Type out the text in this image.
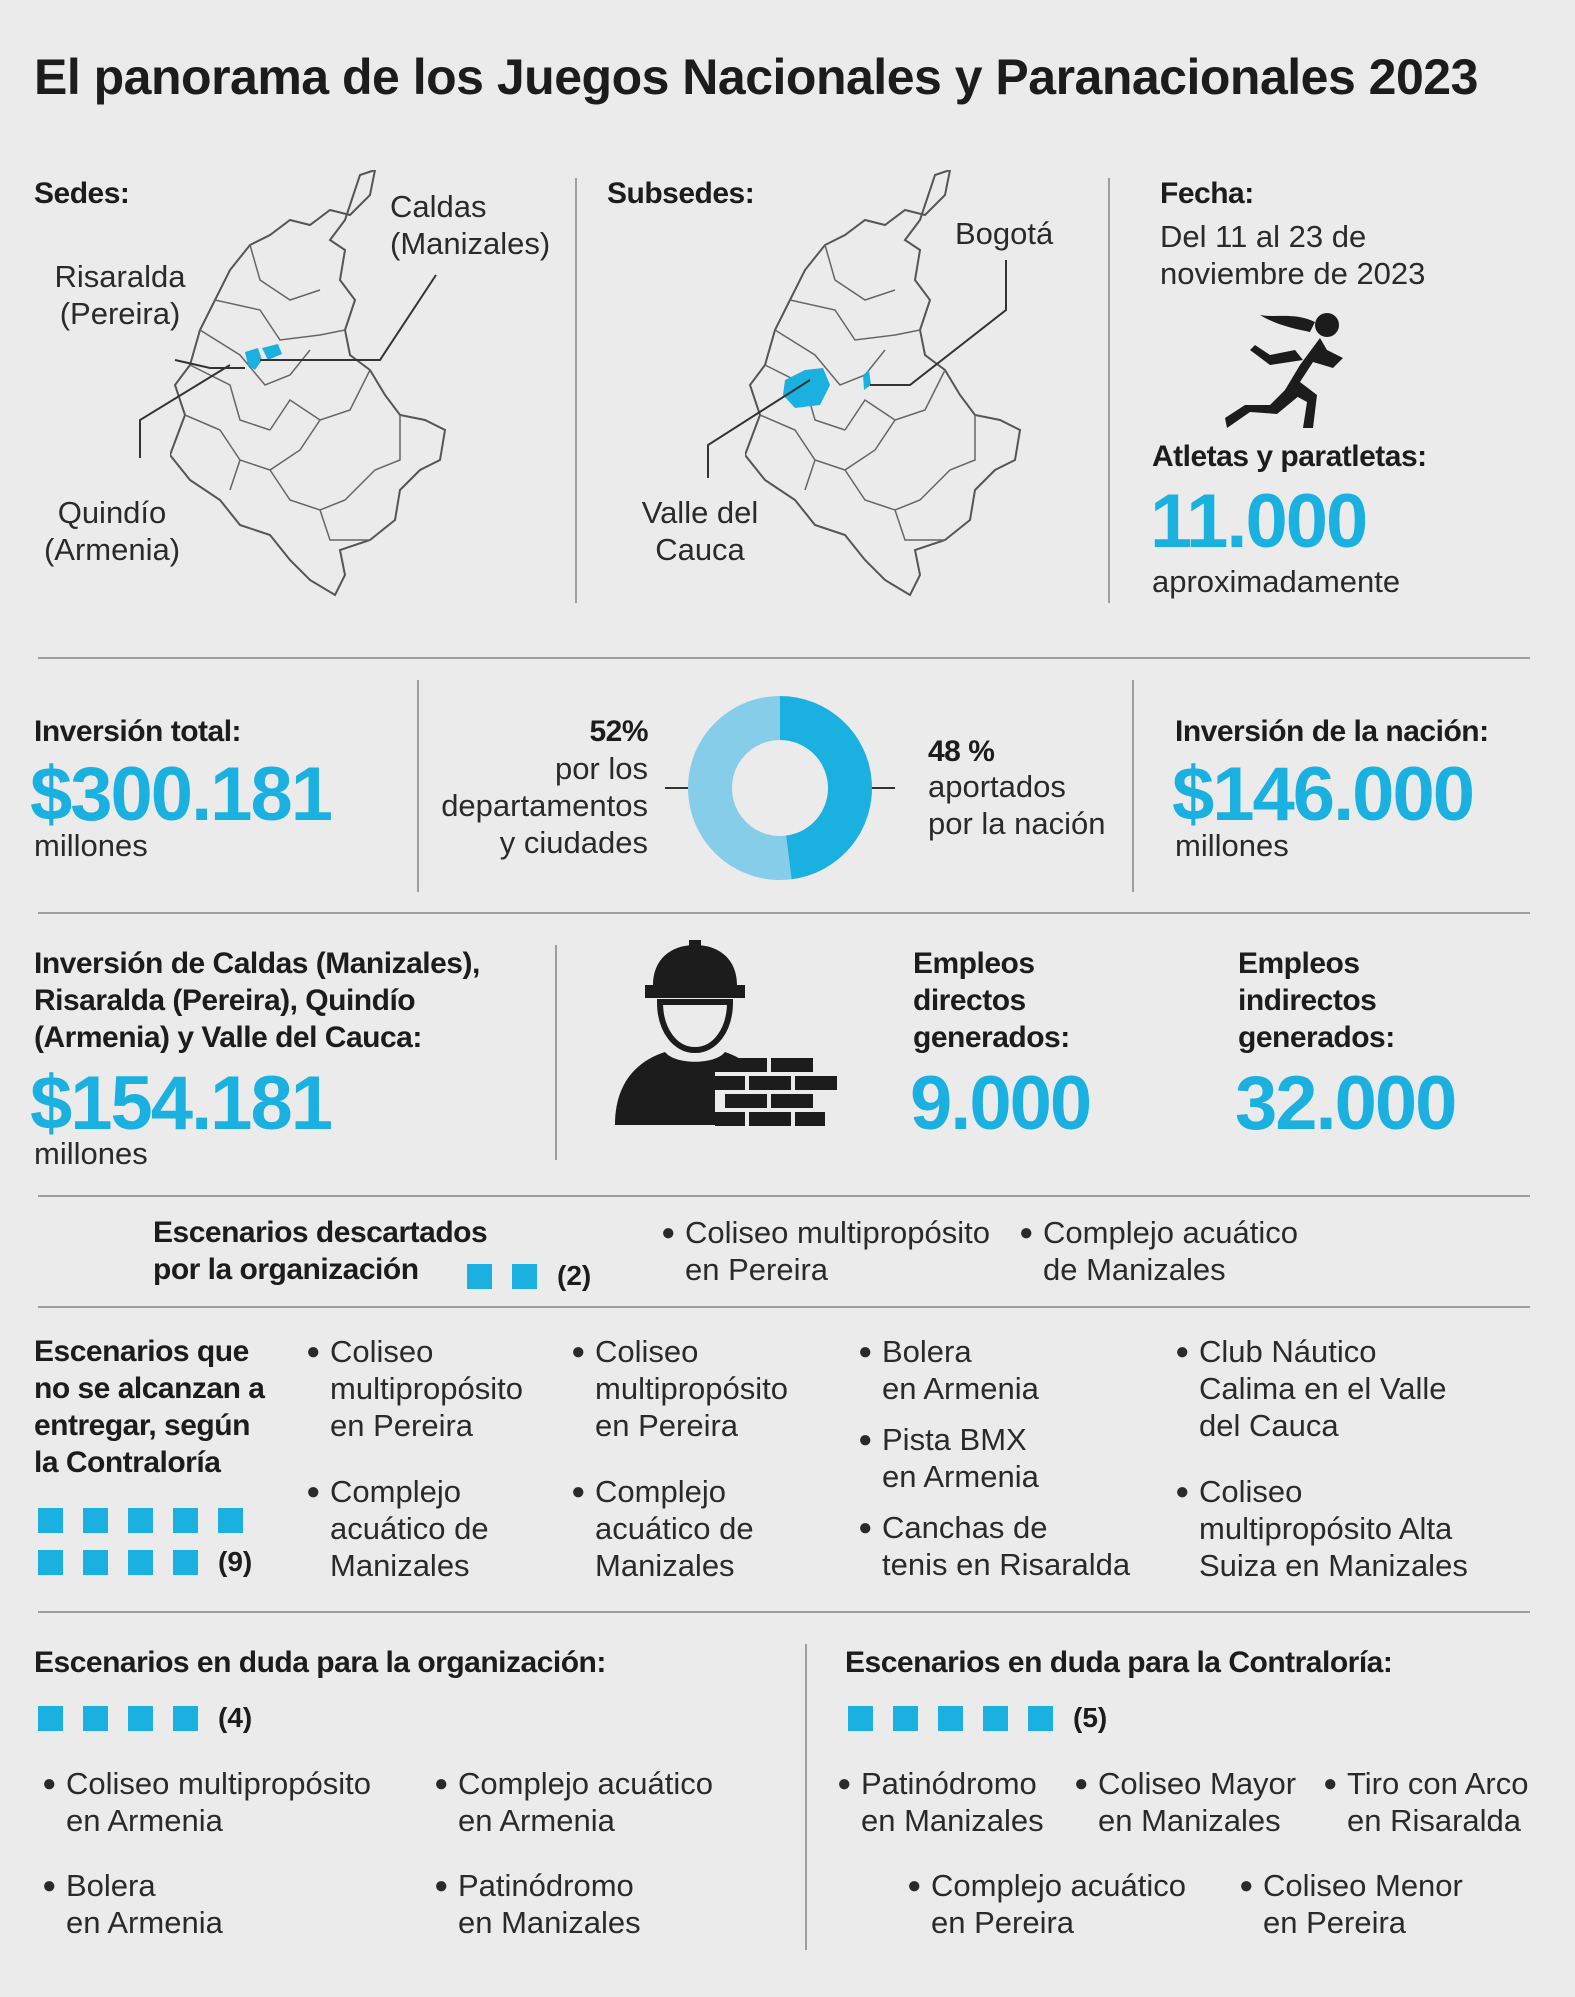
El panorama de los Juegos Nacionales y Paranacionales 2023
Sedes:	Caldas
(Manizales)
Risaralda
(Pereira)
Quindío
(Armenia)
Subsedes:
Bogotá
Valle del
Cauca
Fecha:
Del 11 al 23 de
noviembre de 2023
Atletas y paratletas:
11.000
aproximadamente
Inversión total:
$300.181
millones
52%
por los
departamentos
y ciudades
48 %
aportados
por la nación
Inversión de la nación:
$146.000
millones
Inversión de Caldas (Manizales),
Risaralda (Pereira), Quindío
(Armenia) y Valle del Cauca:
$154.181
millones
Empleos
directos
generados:
9.000
Empleos
indirectos
generados:
32.000
Escenarios descartados
por la organización	(2)
● Coliseo multipropósito
en Pereira
● Complejo acuático
de Manizales
Escenarios que
no se alcanzan a
entregar, según
la Contraloría
(9)
● Coliseo
multipropósito
en Pereira
● Complejo
acuático de
Manizales
● Coliseo
multipropósito
en Pereira
● Complejo
acuático de
Manizales
● Bolera
en Armenia
● Pista BMX
en Armenia
● Canchas de
tenis en Risaralda
● Club Náutico
Calima en el Valle
del Cauca
● Coliseo
multipropósito Alta
Suiza en Manizales
Escenarios en duda para la organización:
(4)
● Coliseo multipropósito
en Armenia
● Complejo acuático
en Armenia
● Bolera
en Armenia
● Patinódromo
en Manizales
Escenarios en duda para la Contraloría:
(5)
● Patinódromo
en Manizales
● Coliseo Mayor
en Manizales
● Tiro con Arco
en Risaralda
● Complejo acuático
en Pereira
● Coliseo Menor
en Pereira
